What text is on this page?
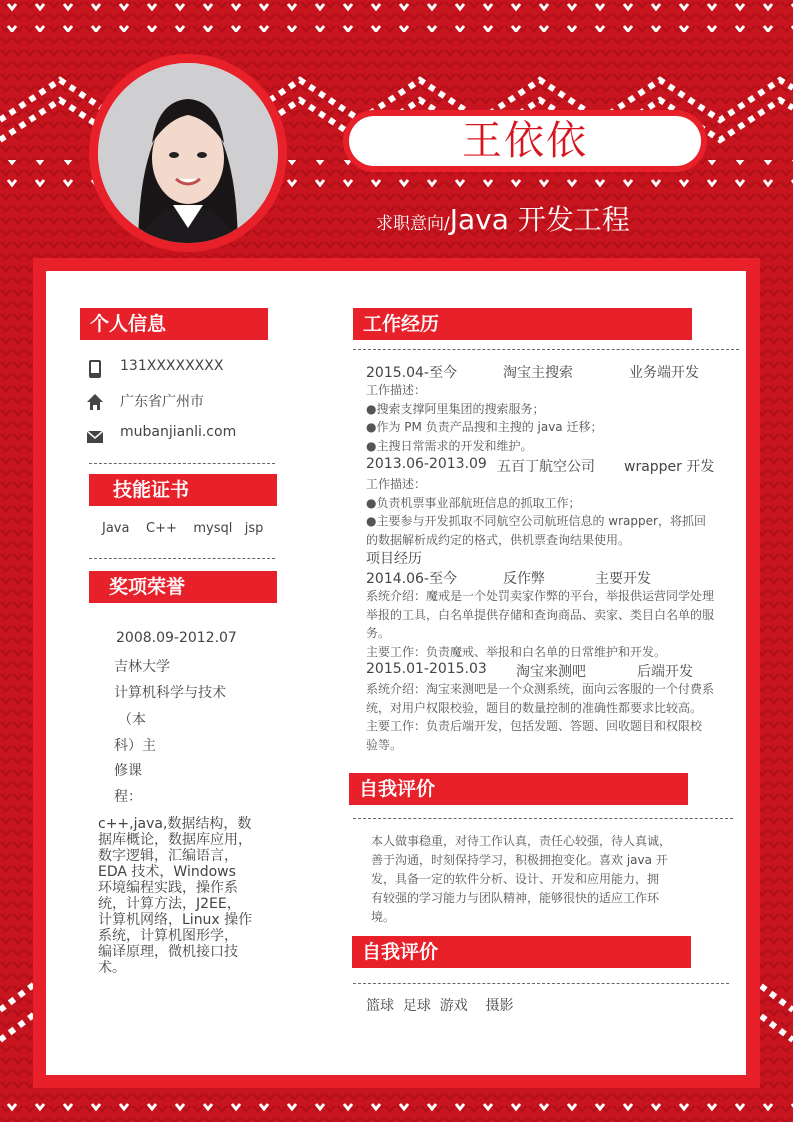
王依依
求职意向/Java 开发工程
个人信息
131XXXXXXXX
广东省广州市
mubanjianli.com
技能证书
Java    C++    mysql   jsp
奖项荣誉
2008.09-2012.07
吉林大学
计算机科学与技术
（本
科）主
修课
程：
c++,java,数据结构，数
据库概论，数据库应用，
数字逻辑，汇编语言，
EDA 技术，Windows
环境编程实践，操作系
统，计算方法，J2EE，
计算机网络，Linux 操作
系统，计算机图形学，
编译原理，微机接口技
术。
工作经历
2015.04-至今	淘宝主搜索	业务端开发
工作描述：
●搜索支撑阿里集团的搜索服务；
●作为 PM 负责产品搜和主搜的 java 迁移；
●主搜日常需求的开发和维护。
2013.06-2013.09 五百丁航空公司 wrapper 开发
工作描述：
●负责机票事业部航班信息的抓取工作；
●主要参与开发抓取不同航空公司航班信息的 wrapper，将抓回
的数据解析成约定的格式，供机票查询结果使用。
项目经历
2014.06-至今	反作弊	主要开发
系统介绍：魔戒是一个处罚卖家作弊的平台，举报供运营同学处理
举报的工具，白名单提供存储和查询商品、卖家、类目白名单的服
务。
主要工作：负责魔戒、举报和白名单的日常维护和开发。
2015.01-2015.03 淘宝来测吧	后端开发
系统介绍：淘宝来测吧是一个众测系统，面向云客服的一个付费系
统，对用户权限校验，题目的数量控制的准确性都要求比较高。
主要工作：负责后端开发，包括发题、答题、回收题目和权限校
验等。
自我评价
本人做事稳重，对待工作认真，责任心较强，待人真诚，
善于沟通，时刻保持学习，积极拥抱变化。喜欢 java 开
发，具备一定的软件分析、设计、开发和应用能力，拥
有较强的学习能力与团队精神，能够很快的适应工作环
境。
自我评价
篮球  足球  游戏    摄影
